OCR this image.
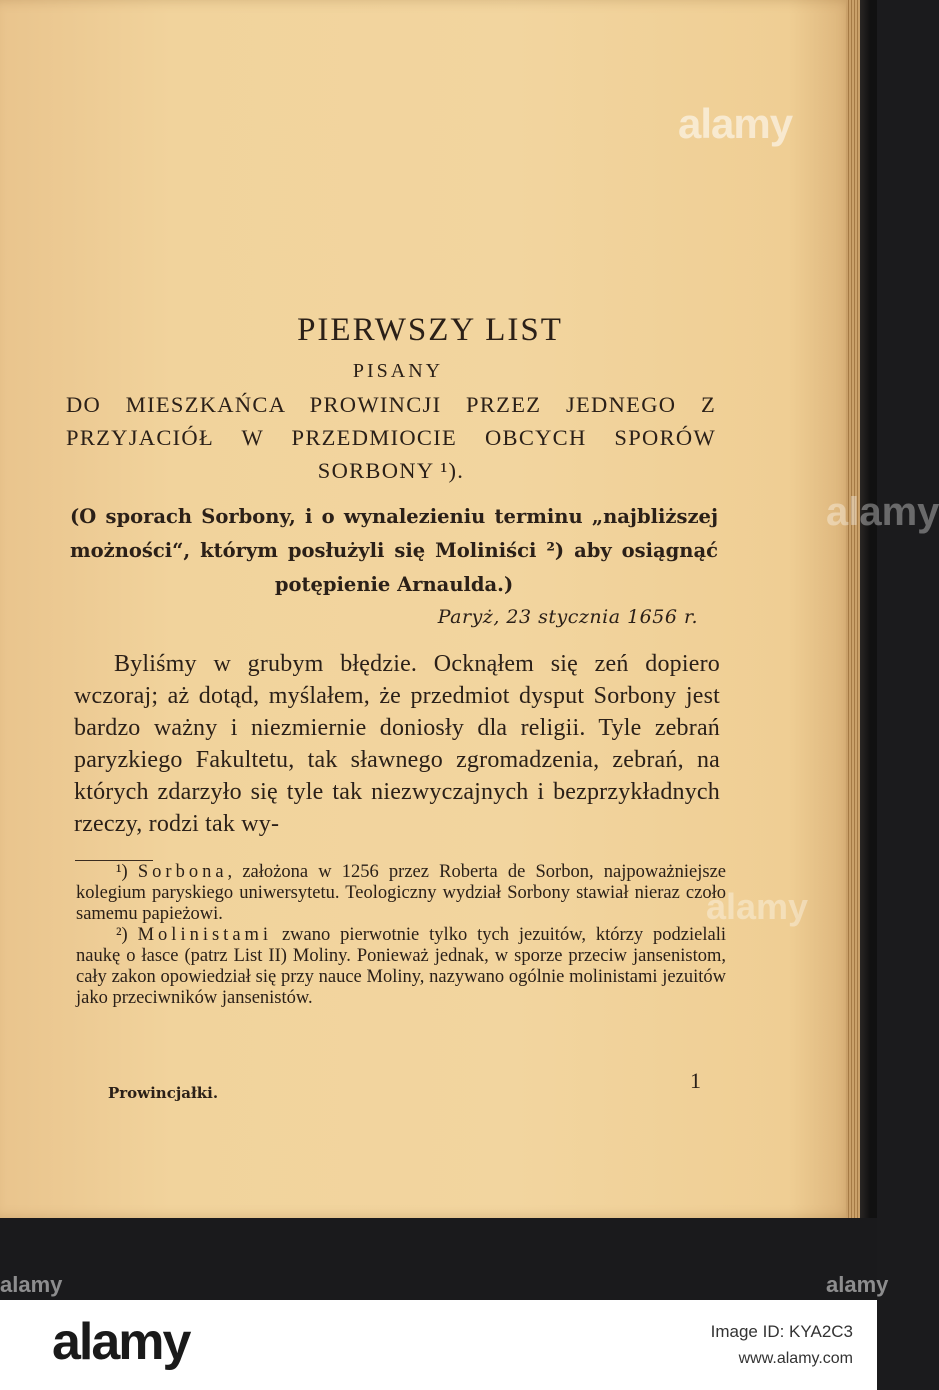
PIERWSZY LIST
PISANY
DO MIESZKAŃCA PROWINCJI PRZEZ JEDNEGO Z PRZYJACIÓŁ W PRZEDMIOCIE OBCYCH SPORÓW SORBONY ¹).
(O sporach Sorbony, i o wynalezieniu terminu „najbliższej możności“, którym posłużyli się Moliniści ²) aby osiągnąć potępienie Arnaulda.)
Paryż, 23 stycznia 1656 r.
Byliśmy w grubym błędzie. Ocknąłem się zeń dopiero wczoraj; aż dotąd, myślałem, że przedmiot dysput Sorbony jest bardzo ważny i niezmiernie doniosły dla religii. Tyle zebrań paryzkiego Fakultetu, tak sławnego zgromadzenia, zebrań, na których zdarzyło się tyle tak niezwyczajnych i bezprzykładnych rzeczy, rodzi tak wy-

¹) Sorbona, założona w 1256 przez Roberta de Sorbon, najpoważniejsze kolegium paryskiego uniwersytetu. Teologiczny wydział Sorbony stawiał nieraz czoło samemu papieżowi.

²) Molinistami zwano pierwotnie tylko tych jezuitów, którzy podzielali naukę o łasce (patrz List II) Moliny. Ponieważ jednak, w sporze przeciw jansenistom, cały zakon opowiedział się przy nauce Moliny, nazywano ogólnie molinistami jezuitów jako przeciwników jansenistów.

Prowincjałki.	1
alamy
alamy
alamy
alamy	alamy
alamy	Image ID: KYA2C3
www.alamy.com
